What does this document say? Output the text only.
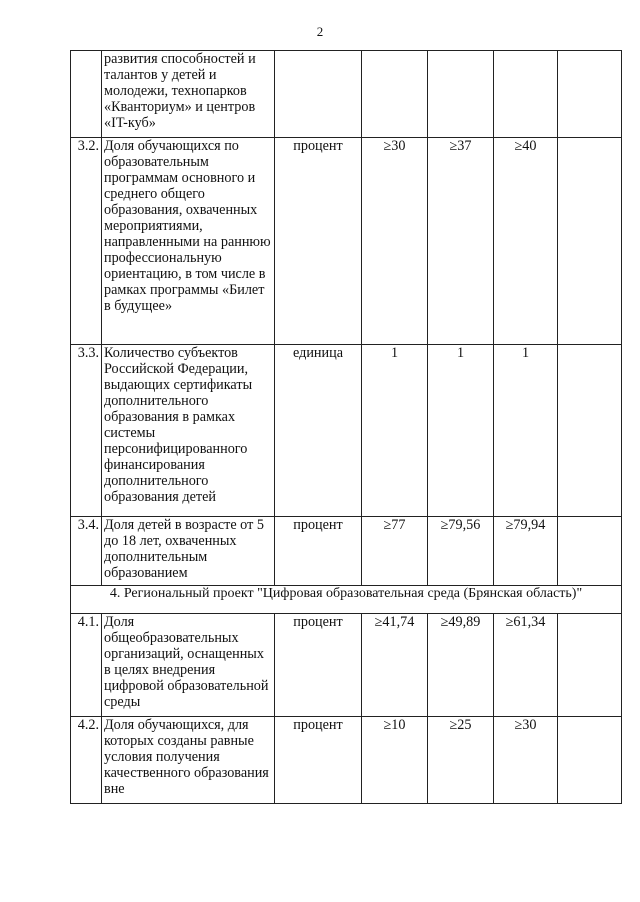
2
	развития способностей и талантов у детей и молодежи, технопарков «Кванториум» и центров «IT-куб»					
3.2.	Доля обучающихся по образовательным программам основного и среднего общего образования, охваченных мероприятиями, направленными на раннюю профессиональную ориентацию, в том числе в рамках программы «Билет в будущее»	процент	≥30	≥37	≥40	
3.3.	Количество субъектов Российской Федерации, выдающих сертификаты дополнительного образования в рамках системы персонифицированного финансирования дополнительного образования детей	единица	1	1	1	
3.4.	Доля детей в возрасте от 5 до 18 лет, охваченных дополнительным образованием	процент	≥77	≥79,56	≥79,94	
4. Региональный проект "Цифровая образовательная среда (Брянская область)"						
4.1.	Доля общеобразовательных организаций, оснащенных в целях внедрения цифровой образовательной среды	процент	≥41,74	≥49,89	≥61,34	
4.2.	Доля обучающихся, для которых созданы равные условия получения качественного образования вне	процент	≥10	≥25	≥30	
